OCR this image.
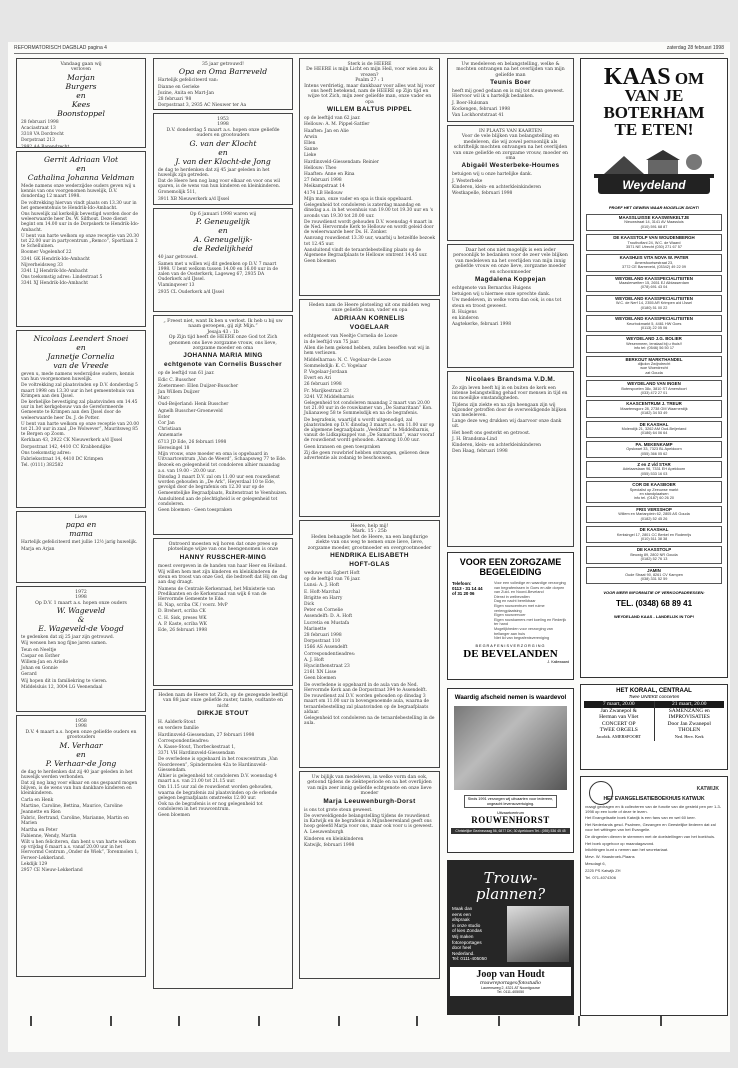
REFORMATORISCH DAGBLAD pagina 4	zaterdag 28 februari 1998
Vandaag gaan wij
verloven
Marjan
Burgers
en
Kees
Boonstoppel

28 februari 1998

Acaciastraat 13

3318 VA Dordrecht

Dorpstraat 213

2992 AA Barendrecht

Gerrit Adriaan Vlot
en
Cathalina Johanna Veldman

Mede namens onze wederzijdse ouders geven wij u kennis van ons voorgenomen huwelijk, D.V. donderdag 12 maart 1998.

De voltrekking hiervan vindt plaats om 13.30 uur in het gemeentehuis te Hendrik-Ido-Ambacht.

Ons huwelijk zal kerkelijk bevestigd worden door de weleerwaarde heer Ds. W. Silfhout. Deze dienst begint om 14.00 uur in de Dorpskerk te Hendrik-Ido-Ambacht.

U bent van harte welkom op onze receptie van 20.30 tot 22.00 uur in partycentrum „Remco”, Sportlaan 2 te Schelluinen.

Boomer Vogelenhof 22

3341 GK Hendrik-Ido-Ambacht

Nijverheidsweg 33

3341 LJ Hendrik-Ido-Ambacht

Ons toekomstig adres: Lindestraat 5

3341 XJ Hendrik-Ido-Ambacht

Nicolaas Leendert Snoei
en
Jannetje Cornelia
van de Vreede

geven u, mede namens wederzijdse ouders, kennis van hun voorgenomen huwelijk.

De voltrekking zal plaatsvinden op D.V. donderdag 5 maart 1998 om 13.30 uur in het gemeentehuis van Krimpen aan den IJssel.

De kerkelijke bevestiging zal plaatsvinden om 14.45 uur in het kerkgebouw van de Gereformeerde Gemeente te Krimpen aan den IJssel door de weleerwaarde heer Ds. J. de Potter.

U bent van harte welkom op onze receptie van 20.00 tot 21.30 uur in zaal „De Wolwever”, Mauritsweg 85 te Bergen op Zoom.

Kerklaan 43, 2922 CK Nieuwerkerk a/d IJssel

Dorpsstraat 142, 4410 CC Krabbendijke

Ons toekomstig adres:

Fabrieksstraat 14, 4410 DC Krimpen

Tel. (0111) 382582

Lieve
papa en
mama

Hartelijk gefeliciteerd met jullie 12½ jarig huwelijk.

Marja en Arjan

1972
1998
Op D.V. 1 maart a.s. hopen onze ouders
W. Wageveld
&
E. Wageveld-de Voogd

te gedenken dat zij 25 jaar zijn getrouwd.

Wij wensen hen nog fijne jaren samen.

Teun en Neeltje

Caspar en Esther

Willem-Jan en Arielle

Johan en Gonnie

Gerard

Wij hopen dit in familiekring te vieren.

Middelsluis 12, 3004 LG Veenendaal

1958
1998
D.V. 4 maart a.s. hopen onze geliefde ouders en grootouders
M. Verhaar
en
P. Verhaar-de Jong

de dag te herdenken dat zij 40 jaar geleden in het huwelijk werden verbonden.

Dat zij nog lang voor elkaar en ons gespaard mogen blijven, is de wens van hun dankbare kinderen en kleinkinderen.

Carla en Henk

Martine, Caroline, Bettina, Maurice, Caroline

Jeannette en Rien

Fabric, Bertrand, Caroline, Marianne, Martin en Marien

Martha en Peter

Fabienne, Wendy, Martin

Wilt u hen feliciteren, dan bent u van harte welkom op vrijdag 6 maart a.s. vanaf 20.00 uur in het Hervormd Centrum „Onder de Wiek”, Torenmolen 1, Ferwer-Lekkerland.

Lekdijk 129

2957 CE Nieuw-Lekkerland

35 jaar getrouwd!
Opa en Oma Barreveld

Hartelijk gefeliciteerd van:

Dianne en Gerieke

Jozine, Anita en Mart-Jan

28 februari '98

Dorpsstraat 3, 2935 AC Nieuwer ter Aa

1953
1998
D.V. donderdag 5 maart a.s. hopen onze geliefde ouders en grootouders
G. van der Klocht
en
J. van der Klocht-de Jong

de dag te herdenken dat zij 45 jaar geleden in het huwelijk zijn getreden.

Dat de Heere hen nog lang voor elkaar en voor ons wil sparen, is de wens van hun kinderen en kleinkinderen.

Gronemolijk 511,

3911 XB Nieuwerkerk a/d IJssel

Op 6 januari 1998 waren wij
P. Geneugelijk
en
A. Geneugelijk-
de Redelijkheid

40 jaar getrouwd.

Samen met u willen wij dit gedenken op D.V. 7 maart 1998. U bent welkom tussen 14.00 en 16.00 uur in de zalen van de Oosterkerk, Lageweg 67, 2935 DA Ouderkerk a/d IJssel.

Vlaminqweer 13

2935 CL Ouderkerk a/d IJssel

„ Freest niet, want Ik ben u verlost. Ik heb u bij uw naam geroepen, gij zijt Mijn.”
Jesaja 43 : 1b
Op Zijn tijd heeft de HEERE onze God tot Zich genomen ons lieve zorgzame vrouw, ons lieve, zorgzame moeder en oma
JOHANNA MARIA MING
echtgenote van Cornelis Busscher

op de leeftijd van 61 jaar.

Edic C. Busscher

Zoetermeer: Ellen Duijzer-Busscher

Jan Willem Duijzer

Marc

Oud-Beijerland: Henk Busscher

Agnelh Busscher-Groeneveld

Ester

Cor Jan

Christiaan

Annemarie

6713 JD Ede, 26 februari 1998

Heresingel 18

Mijn vrouw, onze moeder en oma is opgebaard in Uitvaartcentrum „Van de Weerd”, Schaapsweg 77 te Ede.

Bezoek en gelegenheid tot condoleren alhier maandag a.s. van 19.00 - 20.00 uur.

Dinsdag 3 maart D.V. zal om 11.00 uur een rouwdienst worden gehouden in „De Ark”, Heyerdaal 10 te Ede, gevolgd door de begrafenis om 12.30 uur op de Gemeentelijke Begraafplaats, Ruitenstraat te Veenhuizen.

Aansluitend aan de plechtigheid is er gelegenheid tot condoleren.

Geen bloemen - Geen toespraken

Ontroerd moesten wij horen dat onze prees op plotselinge wijze van ons heengenomen is onze
HANNY RUSSCHER-MING

moest overgeven in de handen van haar Heer en Heiland.

Wij willen hem met zijn kinderen en kleinkinderen de steun en troost van onze God, die bedroeft dat Hij om dag aan dag draagt.

Namens de Centrale Kerkenraad, het Ministerie van Predikanten en de Kerkenraad van wijk 6 van de Hervormde Gemeente te Ede.

H. Nap, scriba CK / voorz. MvP

D. Brehert, scriba CK

C. H. Sisk, preses WK

A. P. Kaste, scriba WK

Ede, 26 februari 1998

Heden nam de Heere tot Zich, op de gezegende leeftijd van 88 jaar onze geliefde zuster, tante, oudtante en nicht
DIRKJE STOUT

H. Aalderk-Stout

en verdere familie

Hardinxveld-Giessendam, 27 februari 1998

Correspondentieadres:

A. Kasse-Stout, Thorbeckestraat 1,

3371 VH Hardinxveld-Giessendam

De overledene is opgebaard in het rouwcentrum „Van Noordeveen”, Spindermolen 42a te Hardinxveld-Giessendam.

Alhier is gelegenheid tot condoleren D.V. woensdag 4 maart a.s. van 21.00 tot 21.15 uur.

Om 11.15 uur zal de rouwdienst worden gehouden, waarna de begrafenis zal plaatsvinden op de erkende gelegen begraafplaats omstreeks 12.00 uur.

Ook na de begrafenis is er nog gelegenheid tot condoleren in het rouwcentrum.

Geen bloemen

Sterk is de HEERE
De HEERE is mijn Licht en mijn Heil, voor wien zou ik vrezen?
Psalm 27 : 1
Intens verdrietig, maar dankbaar voor alles wat hij voor ons heeft betekend, nam de HEERE op Zijn tijd en wijze tot Zich, mijn zeer geliefde man, onze vader en opa
WILLEM BALTUS PIPPEL

op de leeftijd van 62 jaar.

Hellouw: A. M. Pippel-Sattler

Haaften: Jan en Alie

Arwin

Ellen

Sanne

Lieke

Hardinxveld-Giessendam: Reinier

Hellouw: Theo

Haaften: Anne en Rina

27 februari 1998

Meikampstraat 14

4174 LB Hellouw

Mijn man, onze vader en opa is thuis opgebaard.

Gelegenheid tot condoleren is zaterdag maandag en dinsdag a.s. in het woonhuis van 19.00 tot 19.30 uur en 's avonds van 19.30 tot 20.00 uur.

De rouwdienst wordt gehouden D.V. woensdag 4 maart in de Ned. Hervormde Kerk te Hellouw en wordt geleid door de weleerwaarde heer Ds. H. Zonker.

Aanvang rouwdienst 13.30 uur, waarbij u hetzelfde bezoek tot 12.45 uur.

Aansluitend vindt de teraardebestelling plaats op de Algemene Begraafplaats te Hellouw omtrent 14.45 uur.

Geen bloemen

Heden nam de Heere plotseling uit ons midden weg onze geliefde man, vader en opa
ADRIAAN KORNELIS
VOGELAAR

echtgenoot van Neeltje Cornelia de Looze

in de leeftijd van 75 jaar.

Allen die hem gekend hebben, zullen beseffen wat wij in hem verliezen.

Middelharnas: N. C. Vogelaar-de Looze

Sommelsdijk: K. C. Vogelaar

P. Vogelaar-Jordaan

Evert en Ari

26 februari 1998

Fr. Marijkestraat 23

3241 VZ Middelharnis

Gelegenheid tot condoleren maandag 2 maart van 20.00 tot 21.00 uur in de rouwkamer van „De Samaritaan” Kon. Julianaweg 58 te Sommelsdijk en na de begrafenis.

De begrafenis, waartijd u wordt uitgenodigd, zal plaatsvinden op D.V. dinsdag 3 maart a.s. om 11.00 uur op de algemene begraafplaats „Veeldrum” te Middelharnis, vanuit de Lidkapkappel van „De Samaritaan”, waar vooraf de rouwdienst wordt gehouden. Aanvang 10.00 uur.

Geen kransen en geen toespraken

Zij die geen rouwbrief hebben ontvangen, gelieven deze advertentie als zodanig te beschouwen.

Heere, help mij!
Mark. 15 : 25b
Heden behaagde het de Heere, na een langdurige ziekte van ons weg te nemen onze lieve, lieve, zorgzame moeder, grootmoeder en overgrootmoeder
HENDRIKA ELISABETH
HOFT-GLAS

weduwe van Egbert Hoft

op de leeftijd van 76 jaar.

Lunsi: A. J. Hoft

E. Hoft-Marchal

Brigitte en Harry

Dick

Peter en Cornelie

Assendelft: D. A. Hoft

Lucretia en Mustafa

Marinette

28 februari 1998

Dorpsstraat 110

1566 AS Assendelft

Correspondentieadres:

A. J. Hoft

Hyacinthenstraat 23

2161 XN Lisse

Geen bloemen

De overledene is opgebaard in de aula van de Ned. Hervormde Kerk aan de Dorpsstraat 394 te Assendelft.

De rouwdienst zal D.V. worden gehouden op dinsdag 3 maart om 11.00 uur in bovengenoemde aula, waarna de teraardebestelling zal plaatsvinden op de begraafplaats aldaar.

Gelegenheid tot condoleren na de teraardebestelling in de aula.

Uw bijlijk van medeleven, in welke vorm dan ook, getoond tijdens de ziekteperiode en na het overlijden van mijn zeer innig geliefde echtgenote en onze lieve moeder
Marja Leeuwenburgh-Dorst

is ons tot grote steun geweest.

De overweldigende belangstelling tijdens de rouwdienst in Katwijk en de begrafenis in Mijnsheerenland geeft ons hoop geleefd Marja voor ons, maar ook voor u is geweest.

A. Leeuwenburgh

Kinderen en kleinkinderen

Katwijk, februari 1998

Uw medeleven en belangstelling, welke & mochten ontvangen na het overlijden van mijn geliefde man
Teunis Boer

heeft mij goed gedaan en is mij tot steun geweest. Hiervoor wil ik u hartelijk bedanken.

J. Boer-Hulsman

Kockengen, februari 1998

Van Lockhorststraat 41

IN PLAATS VAN KAARTEN
Voor de vele blijken van belangstelling en medeleven, die wij zowel persoonlijk als schriftelijk mochten ontvangen na het overlijden van onze geliefde en zorgzame vrouw, moeder en oma
Abigaël Westerbeke-Houmes

betuigen wij u onze hartelijke dank.

J. Westerbeke

Kinderen, klein- en achterkleinkinderen

Westkapelle, februari 1998

Daar het ons niet mogelijk is een ieder persoonlijk te bedanken voor de zeer vele blijken van medeleven na het overlijden van mijn innig geliefde vrouw en onze lieve, zorgzame moeder en schoonmoeder
Magdalena Koppejan

echtgenote van Bernardus Huigens

betuigen wij u hiermee onze oprechte dank.

Uw medeleven, in welke vorm dan ook, is ons tot steun en troost geweest.

B. Huigens

en kinderen

Aagtekerke, februari 1998

Nicolaes Brandsma V.D.M.

Zo zijn leven heeft hij in en buiten de kerk een intense belangstelling gehad voor mensen in tijd en nu moeilijke omstandigheden.

Tijdens zijn ziekte en na zijn heengaan zijn wij bijzonder getroffen door de overweldigende blijken van medeleven.

Lange deze weg drukken wij daarvoor onze dank uit.

Het heeft ons gesterkt en getroost.

J. H. Brandsma-Lind

Kinderen, klein- en achterkleinkinderen

Den Haag, februari 1998

VOOR EEN ZORGZAME BEGELEIDING
Telefoon:
0113 - 31 14 44
of 31 20 06
Voor een volledige en waardige verzorging van begrafenissen in Goes en alle dorpen van Zuid- en Noord-Beveland
Dienst in welbevallen
Dag en nacht bereikbaar
Eigen rouwcentrum met ruime verlengplaatsing
Eigen rouwvervoer
Eigen rouwkamers met koeling en Rederijk ter hand
Mogelijkheden voor verzorging van bellanger aan huis
Niet lid van begrafenisvereniging
BEGRAFENISVERZORGING
DE BEVELANDEN
J. Kallewaard
Waardig afscheid nemen is waardevol
Sinds 1991 verzorgen wij uitvaarten voor iedereen, ongeacht levensovertuiging.
Uitvaartcentrum
ROUWENHORST
Christelijke Gezinsvraag 56, 6877 DK; 30 Apeldoorn Tel.: (055) 536 45 45
Trouw-
plannen?
Maak dan
eens een
afspraak
in onze studio
of kies Zondas
Wij maken
fotoreportages
door heel
Nederland.
Tel: 0111-405050
Joop van Houdt
trouwreportages/fotostudio
Laurensweg 2, 4321 AT Noordgouwe
Tel. 0111-405050
KAAS OM
VAN JE BOTERHAM
TE ETEN!
Weydeland
PROEF HET GEWEIN WAAR MOGELIJK DICHT!
MAASSLUISSE KAASWINKELTJE
Nieuwstraat 14, 3141 AV Maassluis
(010) 591 68 87
DE KAASSTOLP VAN WOUDENBERGH
Trouthoflani 24, W.C. de Waard
3571 NE Utrecht (030) 271 67 57
KAASHUIS VITA NOVA W. PATER
Amersfoortsestraat 23,
3772 CE Barneveld, (03342) 49 22 09
WEYDELAND KAASSPECIALITEITEN
Maaslerweiterr 15, 2651 EJ Alblasserdam
(078) 691 43 04
WEYDELAND KAASSPECIALITEITEN
W.C. de Nerf 14, 2355 AR Krimpen a/d IJssel
(0180) 51 00 22
WEYDELAND KAASSPECIALITEITEN
Keurbokmarkt 5, 4461 HW Goes
(0113) 22 05 06
WEYDELAND J.G. BOLIER
Wesenmeen, lenstaal bij u thuis!!
info tel: (0546) 56 50 17
BERKOUT MARKTHANDEL
dijkdon Zwijndrecht
woe Woerdrecht
zat Gouda
WEYDELAND VAN INGEN
Boterspoelen 38c, 3810 ST Amersfoort
(033) 472 27 01
KAASCENTRUM J. TREUR
Maartensgorz 28, 2738 GM Waarnerdijk
(0182) 34 53 49
DE KAASHAL
Molendijk 21, 3262 AM Oud-Beijerland
(0186) 64 06 64
PA. MEKENKAMP
Opskwart 33, 7323 BL Apeldoorn
(055) 366 05 62
Z en Z v/d STAR
Adelaarslaan 96, 7331 EH Apeldoorn
(055) 533 16 03
COR DE KAASBOER
Specialist op Zeeuwse markt
en standplaatsen
info tel. (0187) 60 26 20
FRIS VERSSHOP
Willem en Marianplein 62, 2805 AS Gouda
(0182) 52 45 26
DE KAASHAL
Kerksingel 17, 2801 CC Berkel en Rodenrijs
(010) 511 38 38
DE KAASSTOLP
Beuwig 89, 2802 NR Gouda
(0182) 52 76 13
JAMIN
Oude Straat 90, 8261 CV Kampen
(038) 331 52 59
VOOR MEER INFORMATIE OF VERKOOPADRESSEN:
TEL. (0348) 68 89 41
WEYDELAND KAAS - LANDELIJK IN TOP!
HET KORAAL, CENTRAAL
Twee UNIEKE concerten
7 maart, 20.00
Jan Zwanepol &
Herman van Vliet
CONCERT OP
TWEE ORGELS
Jacobik. AMERSFOORT
21 maart, 20.00
SAMENZANG en
IMPROVISATIES
Door Jan Zwanepol
THOLEN
Ned. Herv. Kerk
KATWIJK
HET EVANGELISATIEBOEKHUIS KATWIJK

vraagt gedragen en ik collecteren van de functie van die gesteld pen per 1-3-1998 op een korte of deze te lezen.

Het Evangelisatie boek Katwijk is een fans van en wel 60 keer.

Het Nederlands gesd. Psalmen, Gezangen en Geestelijke liederen dat zal voor het wittingen van het Evangelie.

De dingenlen dienen te stemmen met de doelstellingen van het boekhuis.

Het boek opgehoor op maandagavond.

Inlichtingen kunt u nemen aan het secretariaat.

Mevr. W. Haasbroek-Plaans

Mesolagt 6,

2225 PS Katwijk ZH

Tel. 071-4074306
